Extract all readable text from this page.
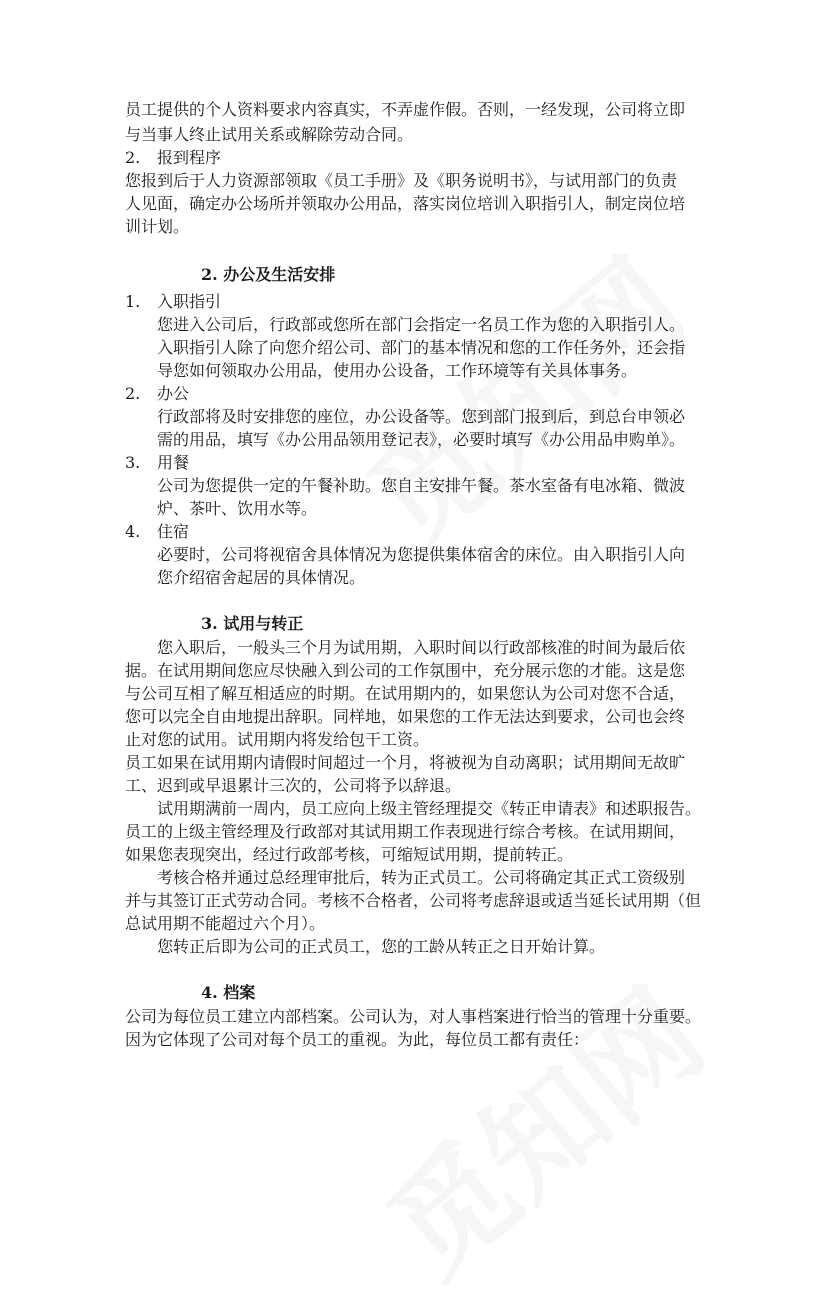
员工提供的个人资料要求内容真实，不弄虚作假。否则，一经发现，公司将立即
与当事人终止试用关系或解除劳动合同。
2. 报到程序
您报到后于人力资源部领取《员工手册》及《职务说明书》，与试用部门的负责
人见面，确定办公场所并领取办公用品，落实岗位培训入职指引人，制定岗位培
训计划。
2. 办公及生活安排
1. 入职指引
您进入公司后，行政部或您所在部门会指定一名员工作为您的入职指引人。
入职指引人除了向您介绍公司、部门的基本情况和您的工作任务外，还会指
导您如何领取办公用品，使用办公设备，工作环境等有关具体事务。
2. 办公
行政部将及时安排您的座位，办公设备等。您到部门报到后，到总台申领必
需的用品，填写《办公用品领用登记表》，必要时填写《办公用品申购单》。
3. 用餐
公司为您提供一定的午餐补助。您自主安排午餐。茶水室备有电冰箱、微波
炉、茶叶、饮用水等。
4. 住宿
必要时，公司将视宿舍具体情况为您提供集体宿舍的床位。由入职指引人向
您介绍宿舍起居的具体情况。
3. 试用与转正
您入职后，一般头三个月为试用期，入职时间以行政部核准的时间为最后依
据。在试用期间您应尽快融入到公司的工作氛围中，充分展示您的才能。这是您
与公司互相了解互相适应的时期。在试用期内的，如果您认为公司对您不合适，
您可以完全自由地提出辞职。同样地，如果您的工作无法达到要求，公司也会终
止对您的试用。试用期内将发给包干工资。
员工如果在试用期内请假时间超过一个月，将被视为自动离职；试用期间无故旷
工、迟到或早退累计三次的，公司将予以辞退。
试用期满前一周内，员工应向上级主管经理提交《转正申请表》和述职报告。
员工的上级主管经理及行政部对其试用期工作表现进行综合考核。在试用期间，
如果您表现突出，经过行政部考核，可缩短试用期，提前转正。
考核合格并通过总经理审批后，转为正式员工。公司将确定其正式工资级别
并与其签订正式劳动合同。考核不合格者，公司将考虑辞退或适当延长试用期（但
总试用期不能超过六个月）。
您转正后即为公司的正式员工，您的工龄从转正之日开始计算。
4. 档案
公司为每位员工建立内部档案。公司认为，对人事档案进行恰当的管理十分重要。
因为它体现了公司对每个员工的重视。为此，每位员工都有责任：
